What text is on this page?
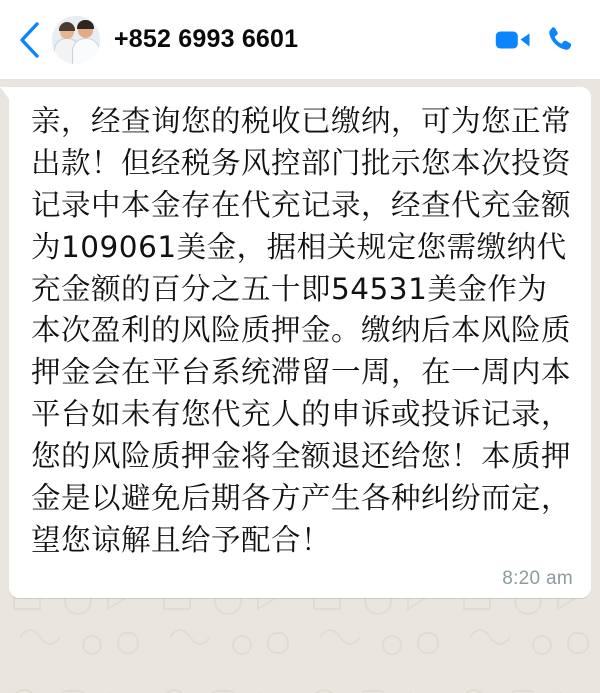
+852 6993 6601
亲，经查询您的税收已缴纳，可为您正常出款！但经税务风控部门批示您本次投资记录中本金存在代充记录，经查代充金额为109061美金，据相关规定您需缴纳代充金额的百分之五十即54531美金作为本次盈利的风险质押金。缴纳后本风险质押金会在平台系统滞留一周，在一周内本平台如未有您代充人的申诉或投诉记录，您的风险质押金将全额退还给您！本质押金是以避免后期各方产生各种纠纷而定，望您谅解且给予配合！
8:20 am
